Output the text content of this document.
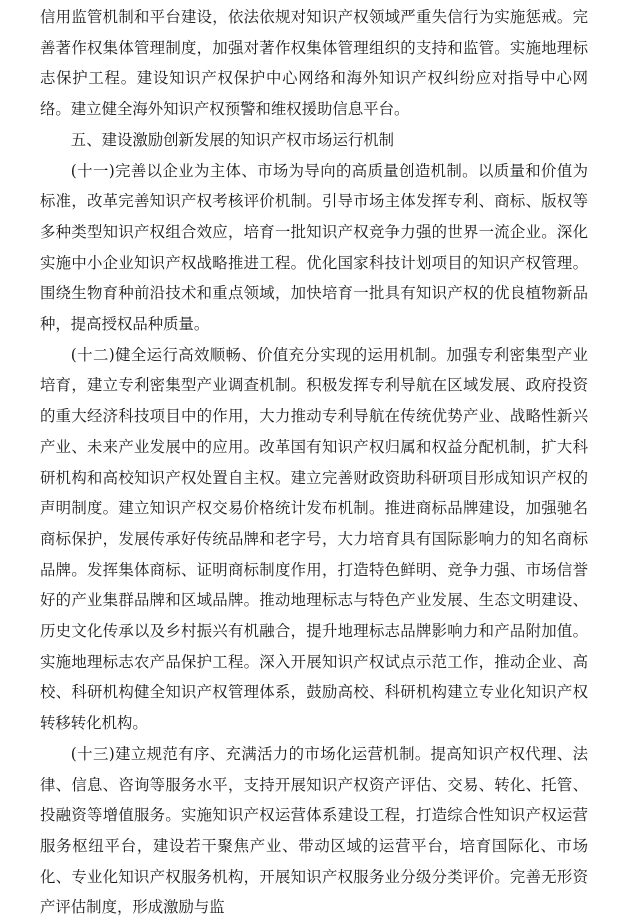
信用监管机制和平台建设，依法依规对知识产权领域严重失信行为实施惩戒。完善著作权集体管理制度，加强对著作权集体管理组织的支持和监管。实施地理标志保护工程。建设知识产权保护中心网络和海外知识产权纠纷应对指导中心网络。建立健全海外知识产权预警和维权援助信息平台。

五、建设激励创新发展的知识产权市场运行机制

(十一)完善以企业为主体、市场为导向的高质量创造机制。以质量和价值为标准，改革完善知识产权考核评价机制。引导市场主体发挥专利、商标、版权等多种类型知识产权组合效应，培育一批知识产权竞争力强的世界一流企业。深化实施中小企业知识产权战略推进工程。优化国家科技计划项目的知识产权管理。围绕生物育种前沿技术和重点领域，加快培育一批具有知识产权的优良植物新品种，提高授权品种质量。

(十二)健全运行高效顺畅、价值充分实现的运用机制。加强专利密集型产业培育，建立专利密集型产业调查机制。积极发挥专利导航在区域发展、政府投资的重大经济科技项目中的作用，大力推动专利导航在传统优势产业、战略性新兴产业、未来产业发展中的应用。改革国有知识产权归属和权益分配机制，扩大科研机构和高校知识产权处置自主权。建立完善财政资助科研项目形成知识产权的声明制度。建立知识产权交易价格统计发布机制。推进商标品牌建设，加强驰名商标保护，发展传承好传统品牌和老字号，大力培育具有国际影响力的知名商标品牌。发挥集体商标、证明商标制度作用，打造特色鲜明、竞争力强、市场信誉好的产业集群品牌和区域品牌。推动地理标志与特色产业发展、生态文明建设、历史文化传承以及乡村振兴有机融合，提升地理标志品牌影响力和产品附加值。实施地理标志农产品保护工程。深入开展知识产权试点示范工作，推动企业、高校、科研机构健全知识产权管理体系，鼓励高校、科研机构建立专业化知识产权转移转化机构。

(十三)建立规范有序、充满活力的市场化运营机制。提高知识产权代理、法律、信息、咨询等服务水平，支持开展知识产权资产评估、交易、转化、托管、投融资等增值服务。实施知识产权运营体系建设工程，打造综合性知识产权运营服务枢纽平台，建设若干聚焦产业、带动区域的运营平台，培育国际化、市场化、专业化知识产权服务机构，开展知识产权服务业分级分类评价。完善无形资产评估制度，形成激励与监
